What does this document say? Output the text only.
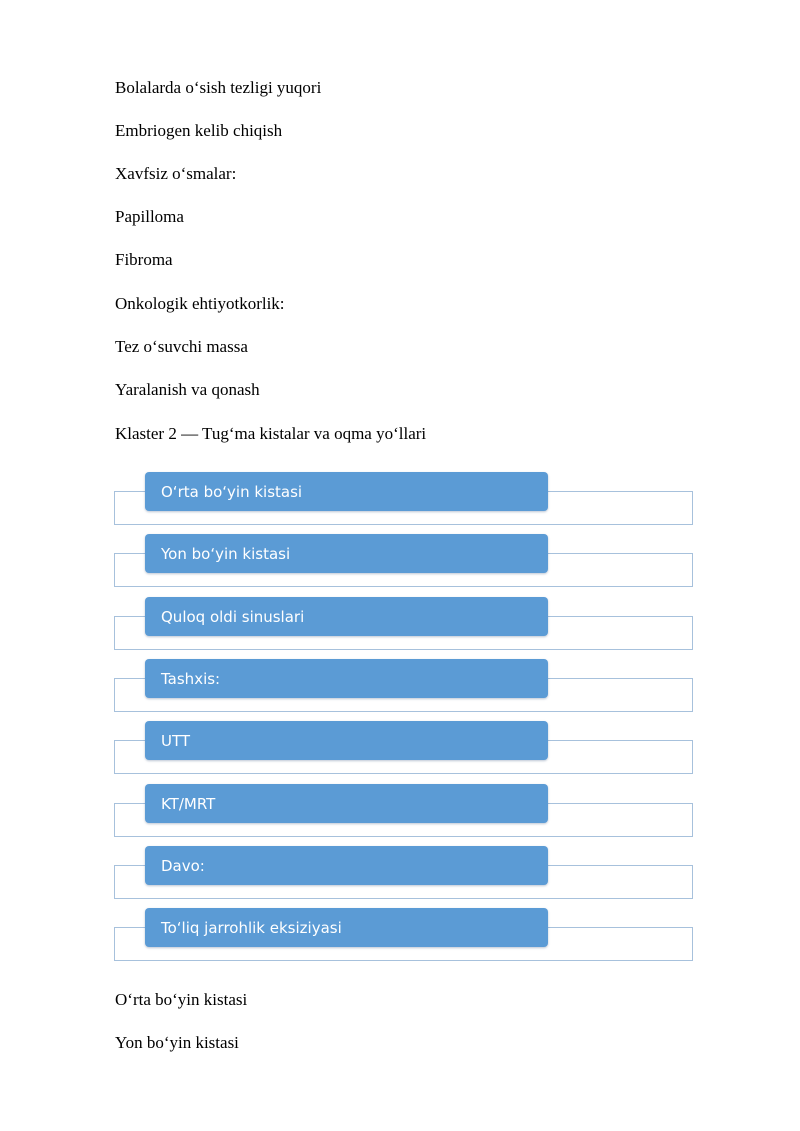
Bolalarda o‘sish tezligi yuqori

Embriogen kelib chiqish

Xavfsiz o‘smalar:

Papilloma

Fibroma

Onkologik ehtiyotkorlik:

Tez o‘suvchi massa

Yaralanish va qonash

Klaster 2 — Tug‘ma kistalar va oqma yo‘llari

O‘rta bo‘yin kistasi
Yon bo‘yin kistasi
Quloq oldi sinuslari
Tashxis:
UTT
KT/MRT
Davo:
To‘liq jarrohlik eksiziyasi

O‘rta bo‘yin kistasi

Yon bo‘yin kistasi
